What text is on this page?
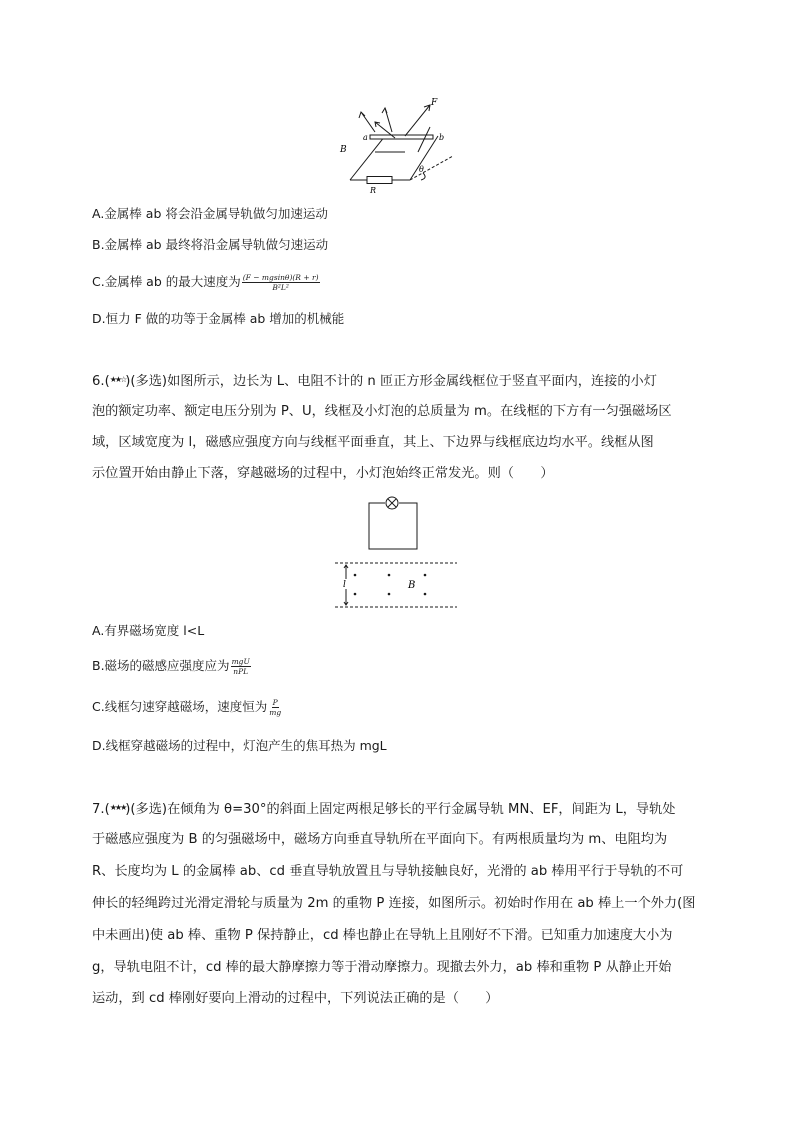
F
a	b
B
θ
R
A.金属棒 ab 将会沿金属导轨做匀加速运动
B.金属棒 ab 最终将沿金属导轨做匀速运动
C.金属棒 ab 的最大速度为 $\frac{(F - mgsin\theta)(R + r)}{\text{B²L²}}$
D.恒力 F 做的功等于金属棒 ab 增加的机械能
6.(★★☆)(多选)如图所示，边长为 L、电阻不计的 n 匝正方形金属线框位于竖直平面内，连接的小灯
泡的额定功率、额定电压分别为 P、U，线框及小灯泡的总质量为 m。在线框的下方有一匀强磁场区
域，区域宽度为 l，磁感应强度方向与线框平面垂直，其上、下边界与线框底边均水平。线框从图
示位置开始由静止下落，穿越磁场的过程中，小灯泡始终正常发光。则（　　）
l	B
A.有界磁场宽度 l<L
B.磁场的磁感应强度应为 $\frac{\text{mgU}}{\text{nPL}}$
C.线框匀速穿越磁场，速度恒为 $\frac{P}{mg}$
D.线框穿越磁场的过程中，灯泡产生的焦耳热为 mgL
7.(★★★)(多选)在倾角为 θ=30°的斜面上固定两根足够长的平行金属导轨 MN、EF，间距为 L，导轨处
于磁感应强度为 B 的匀强磁场中，磁场方向垂直导轨所在平面向下。有两根质量均为 m、电阻均为
R、长度均为 L 的金属棒 ab、cd 垂直导轨放置且与导轨接触良好，光滑的 ab 棒用平行于导轨的不可
伸长的轻绳跨过光滑定滑轮与质量为 2m 的重物 P 连接，如图所示。初始时作用在 ab 棒上一个外力(图
中未画出)使 ab 棒、重物 P 保持静止，cd 棒也静止在导轨上且刚好不下滑。已知重力加速度大小为
g，导轨电阻不计，cd 棒的最大静摩擦力等于滑动摩擦力。现撤去外力，ab 棒和重物 P 从静止开始
运动，到 cd 棒刚好要向上滑动的过程中，下列说法正确的是（　　）
